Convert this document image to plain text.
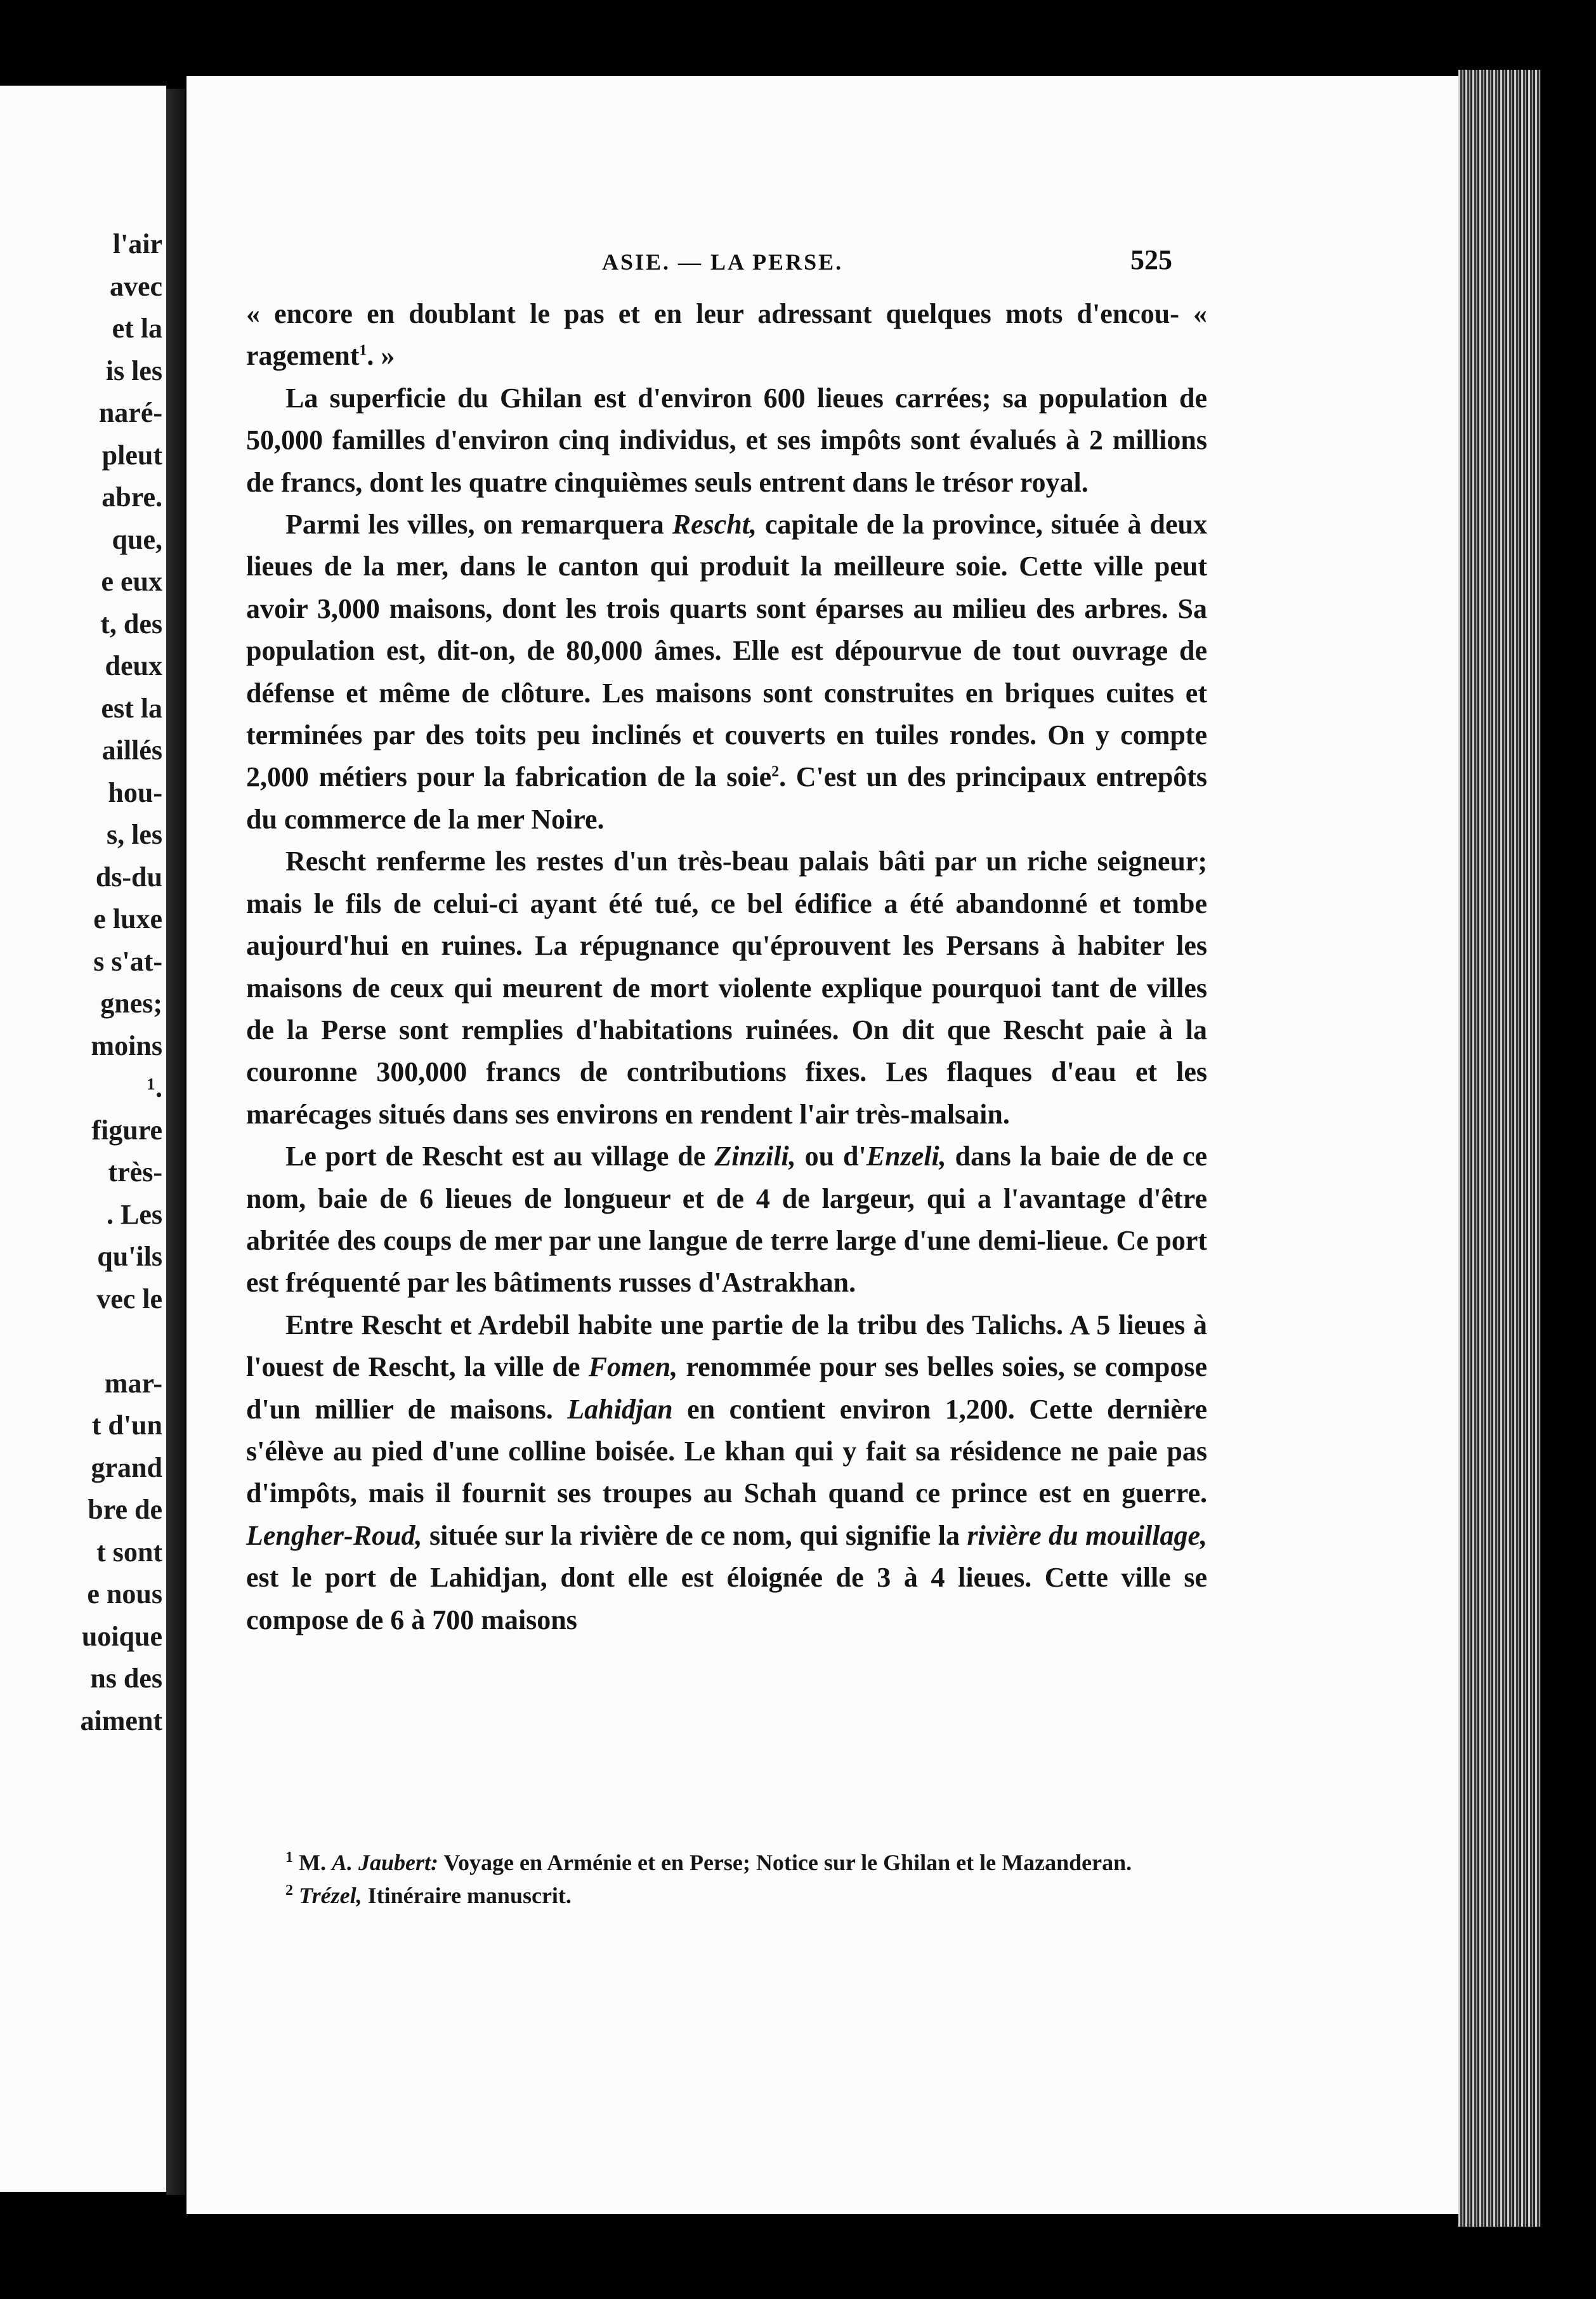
l'air
avec
et la
is les
naré-
pleut
abre.
que,
e eux
t, des
deux
est la
aillés
hou-
s, les
ds-du
e luxe
s s'at-
gnes;
moins
¹.
figure
très-
. Les
qu'ils
vec le
mar-
t d'un
grand
bre de
t sont
e nous
uoique
ns des
aiment
ASIE. — LA PERSE.	525

« encore en doublant le pas et en leur adressant quelques mots d'encou- « ragement$^1$. »

La superficie du Ghilan est d'environ 600 lieues carrées; sa population de 50,000 familles d'environ cinq individus, et ses impôts sont évalués à 2 millions de francs, dont les quatre cinquièmes seuls entrent dans le trésor royal.

Parmi les villes, on remarquera Rescht, capitale de la province, située à deux lieues de la mer, dans le canton qui produit la meilleure soie. Cette ville peut avoir 3,000 maisons, dont les trois quarts sont éparses au milieu des arbres. Sa population est, dit-on, de 80,000 âmes. Elle est dépourvue de tout ouvrage de défense et même de clôture. Les maisons sont construites en briques cuites et terminées par des toits peu inclinés et couverts en tuiles rondes. On y compte 2,000 métiers pour la fabrication de la soie$^2$. C'est un des principaux entrepôts du commerce de la mer Noire.

Rescht renferme les restes d'un très-beau palais bâti par un riche seigneur; mais le fils de celui-ci ayant été tué, ce bel édifice a été abandonné et tombe aujourd'hui en ruines. La répugnance qu'éprouvent les Persans à habiter les maisons de ceux qui meurent de mort violente explique pourquoi tant de villes de la Perse sont remplies d'habitations ruinées. On dit que Rescht paie à la couronne 300,000 francs de contributions fixes. Les flaques d'eau et les marécages situés dans ses environs en rendent l'air très-malsain.

Le port de Rescht est au village de Zinzili, ou d'Enzeli, dans la baie de de ce nom, baie de 6 lieues de longueur et de 4 de largeur, qui a l'avantage d'être abritée des coups de mer par une langue de terre large d'une demi-lieue. Ce port est fréquenté par les bâtiments russes d'Astrakhan.

Entre Rescht et Ardebil habite une partie de la tribu des Talichs. A 5 lieues à l'ouest de Rescht, la ville de Fomen, renommée pour ses belles soies, se compose d'un millier de maisons. Lahidjan en contient environ 1,200. Cette dernière s'élève au pied d'une colline boisée. Le khan qui y fait sa résidence ne paie pas d'impôts, mais il fournit ses troupes au Schah quand ce prince est en guerre. Lengher-Roud, située sur la rivière de ce nom, qui signifie la rivière du mouillage, est le port de Lahidjan, dont elle est éloignée de 3 à 4 lieues. Cette ville se compose de 6 à 700 maisons

$^1$ M. A. Jaubert: Voyage en Arménie et en Perse; Notice sur le Ghilan et le Mazanderan.

$^2$ Trézel, Itinéraire manuscrit.
